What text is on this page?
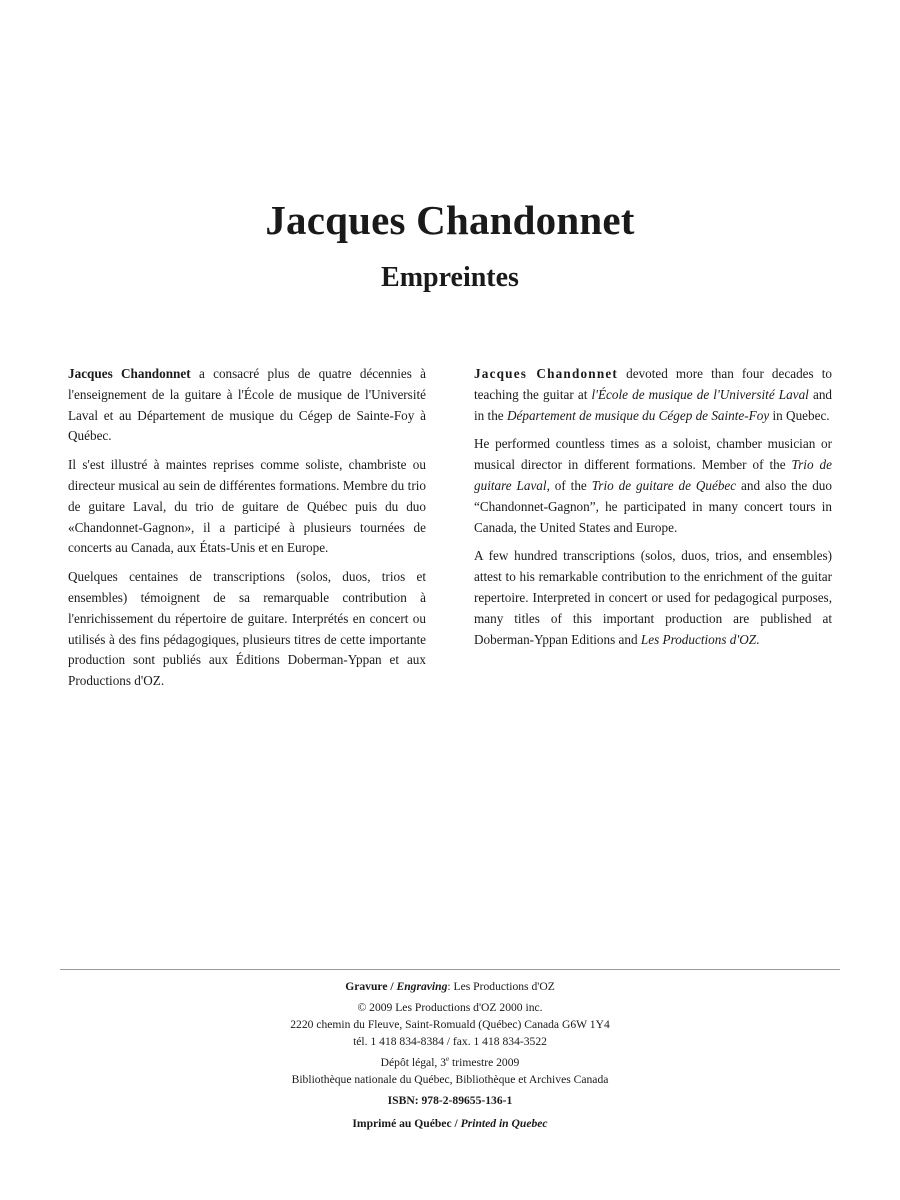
Jacques Chandonnet
Empreintes

Jacques Chandonnet a consacré plus de quatre décennies à l'enseignement de la guitare à l'École de musique de l'Université Laval et au Département de musique du Cégep de Sainte-Foy à Québec.

Il s'est illustré à maintes reprises comme soliste, chambriste ou directeur musical au sein de différentes formations. Membre du trio de guitare Laval, du trio de guitare de Québec puis du duo «Chandonnet-Gagnon», il a participé à plusieurs tournées de concerts au Canada, aux États-Unis et en Europe.

Quelques centaines de transcriptions (solos, duos, trios et ensembles) témoignent de sa remarquable contribution à l'enrichissement du répertoire de guitare. Interprétés en concert ou utilisés à des fins pédagogiques, plusieurs titres de cette importante production sont publiés aux Éditions Doberman-Yppan et aux Productions d'OZ.

Jacques Chandonnet devoted more than four decades to teaching the guitar at l'École de musique de l'Université Laval and in the Département de musique du Cégep de Sainte-Foy in Quebec.

He performed countless times as a soloist, chamber musician or musical director in different formations. Member of the Trio de guitare Laval, of the Trio de guitare de Québec and also the duo “Chandonnet-Gagnon”, he participated in many concert tours in Canada, the United States and Europe.

A few hundred transcriptions (solos, duos, trios, and ensembles) attest to his remarkable contribution to the enrichment of the guitar repertoire. Interpreted in concert or used for pedagogical purposes, many titles of this important production are published at Doberman-Yppan Editions and Les Productions d'OZ.

Gravure / Engraving: Les Productions d'OZ
© 2009 Les Productions d'OZ 2000 inc.
2220 chemin du Fleuve, Saint-Romuald (Québec) Canada G6W 1Y4
tél. 1 418 834-8384 / fax. 1 418 834-3522
Dépôt légal, 3e trimestre 2009
Bibliothèque nationale du Québec, Bibliothèque et Archives Canada
ISBN: 978-2-89655-136-1
Imprimé au Québec / Printed in Quebec
